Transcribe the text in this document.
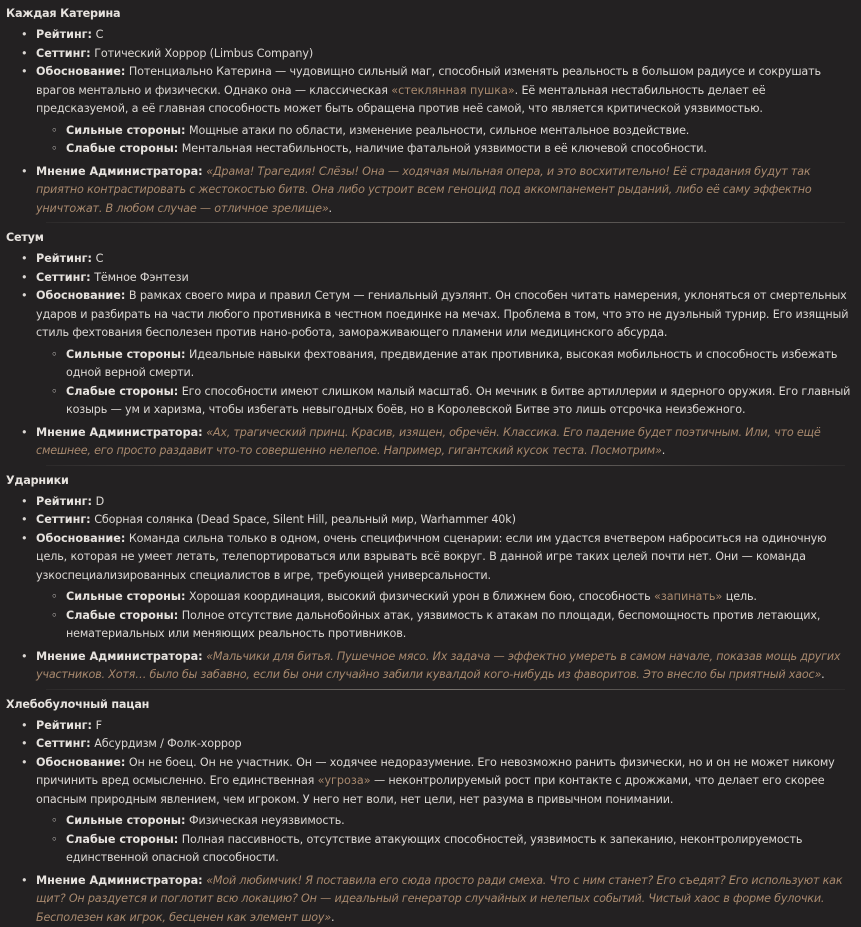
Каждая Катерина
• Рейтинг: C
• Сеттинг: Готический Хоррор (Limbus Company)
• Обоснование: Потенциально Катерина — чудовищно сильный маг, способный изменять реальность в большом радиусе и сокрушать врагов ментально и физически. Однако она — классическая «стеклянная пушка». Её ментальная нестабильность делает её предсказуемой, а её главная способность может быть обращена против неё самой, что является критической уязвимостью.
◦ Сильные стороны: Мощные атаки по области, изменение реальности, сильное ментальное воздействие.
◦ Слабые стороны: Ментальная нестабильность, наличие фатальной уязвимости в её ключевой способности.
• Мнение Администратора: «Драма! Трагедия! Слёзы! Она — ходячая мыльная опера, и это восхитительно! Её страдания будут так приятно контрастировать с жестокостью битв. Она либо устроит всем геноцид под аккомпанемент рыданий, либо её саму эффектно уничтожат. В любом случае — отличное зрелище».
Сетум
• Рейтинг: C
• Сеттинг: Тёмное Фэнтези
• Обоснование: В рамках своего мира и правил Сетум — гениальный дуэлянт. Он способен читать намерения, уклоняться от смертельных ударов и разбирать на части любого противника в честном поединке на мечах. Проблема в том, что это не дуэльный турнир. Его изящный стиль фехтования бесполезен против нано-робота, замораживающего пламени или медицинского абсурда.
◦ Сильные стороны: Идеальные навыки фехтования, предвидение атак противника, высокая мобильность и способность избежать одной верной смерти.
◦ Слабые стороны: Его способности имеют слишком малый масштаб. Он мечник в битве артиллерии и ядерного оружия. Его главный козырь — ум и харизма, чтобы избегать невыгодных боёв, но в Королевской Битве это лишь отсрочка неизбежного.
• Мнение Администратора: «Ах, трагический принц. Красив, изящен, обречён. Классика. Его падение будет поэтичным. Или, что ещё смешнее, его просто раздавит что-то совершенно нелепое. Например, гигантский кусок теста. Посмотрим».
Ударники
• Рейтинг: D
• Сеттинг: Сборная солянка (Dead Space, Silent Hill, реальный мир, Warhammer 40k)
• Обоснование: Команда сильна только в одном, очень специфичном сценарии: если им удастся вчетвером наброситься на одиночную цель, которая не умеет летать, телепортироваться или взрывать всё вокруг. В данной игре таких целей почти нет. Они — команда узкоспециализированных специалистов в игре, требующей универсальности.
◦ Сильные стороны: Хорошая координация, высокий физический урон в ближнем бою, способность «запинать» цель.
◦ Слабые стороны: Полное отсутствие дальнобойных атак, уязвимость к атакам по площади, беспомощность против летающих, нематериальных или меняющих реальность противников.
• Мнение Администратора: «Мальчики для битья. Пушечное мясо. Их задача — эффектно умереть в самом начале, показав мощь других участников. Хотя… было бы забавно, если бы они случайно забили кувалдой кого-нибудь из фаворитов. Это внесло бы приятный хаос».
Хлебобулочный пацан
• Рейтинг: F
• Сеттинг: Абсурдизм / Фолк-хоррор
• Обоснование: Он не боец. Он не участник. Он — ходячее недоразумение. Его невозможно ранить физически, но и он не может никому причинить вред осмысленно. Его единственная «угроза» — неконтролируемый рост при контакте с дрожжами, что делает его скорее опасным природным явлением, чем игроком. У него нет воли, нет цели, нет разума в привычном понимании.
◦ Сильные стороны: Физическая неуязвимость.
◦ Слабые стороны: Полная пассивность, отсутствие атакующих способностей, уязвимость к запеканию, неконтролируемость единственной опасной способности.
• Мнение Администратора: «Мой любимчик! Я поставила его сюда просто ради смеха. Что с ним станет? Его съедят? Его используют как щит? Он раздуется и поглотит всю локацию? Он — идеальный генератор случайных и нелепых событий. Чистый хаос в форме булочки. Бесполезен как игрок, бесценен как элемент шоу».
